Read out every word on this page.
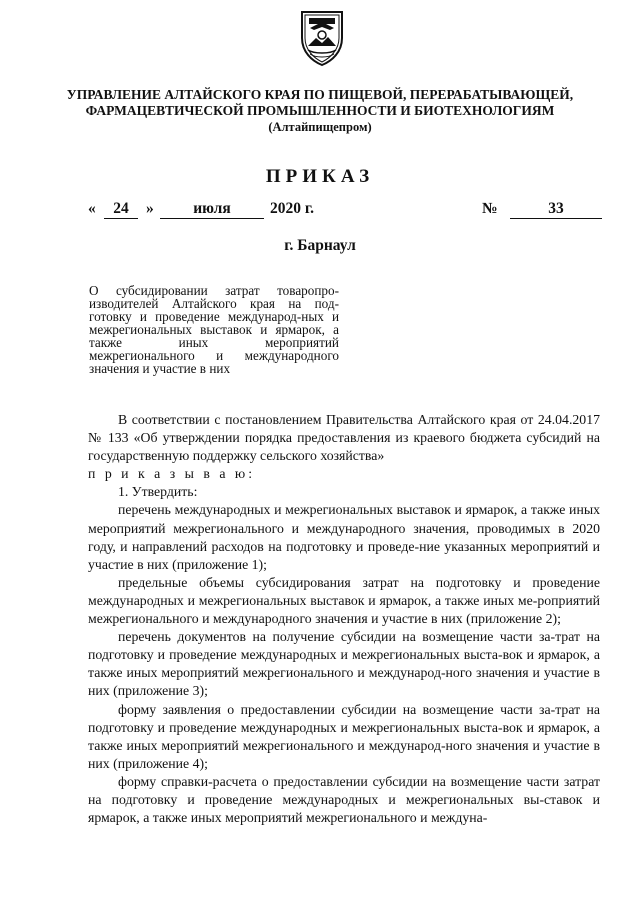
УПРАВЛЕНИЕ АЛТАЙСКОГО КРАЯ ПО ПИЩЕВОЙ, ПЕРЕРАБАТЫВАЮЩЕЙ,
ФАРМАЦЕВТИЧЕСКОЙ ПРОМЫШЛЕННОСТИ И БИОТЕХНОЛОГИЯМ
(Алтайпищепром)
ПРИКАЗ
«	24	»	июля	2020 г.	№	33
г. Барнаул
О субсидировании затрат товаропро-изводителей Алтайского края на под-готовку и проведение международ-ных и межрегиональных выставок и ярмарок, а также иных мероприятий межрегионального и международного значения и участие в них

В соответствии с постановлением Правительства Алтайского края от 24.04.2017 № 133 «Об утверждении порядка предоставления из краевого бюджета субсидий на государственную поддержку сельского хозяйства»

п р и к а з ы в а ю:

1. Утвердить:

перечень международных и межрегиональных выставок и ярмарок, а также иных мероприятий межрегионального и международного значения, проводимых в 2020 году, и направлений расходов на подготовку и проведе-ние указанных мероприятий и участие в них (приложение 1);

предельные объемы субсидирования затрат на подготовку и проведение международных и межрегиональных выставок и ярмарок, а также иных ме-роприятий межрегионального и международного значения и участие в них (приложение 2);

перечень документов на получение субсидии на возмещение части за-трат на подготовку и проведение международных и межрегиональных выста-вок и ярмарок, а также иных мероприятий межрегионального и международ-ного значения и участие в них (приложение 3);

форму заявления о предоставлении субсидии на возмещение части за-трат на подготовку и проведение международных и межрегиональных выста-вок и ярмарок, а также иных мероприятий межрегионального и международ-ного значения и участие в них (приложение 4);

форму справки-расчета о предоставлении субсидии на возмещение части затрат на подготовку и проведение международных и межрегиональных вы-ставок и ярмарок, а также иных мероприятий межрегионального и междуна-
